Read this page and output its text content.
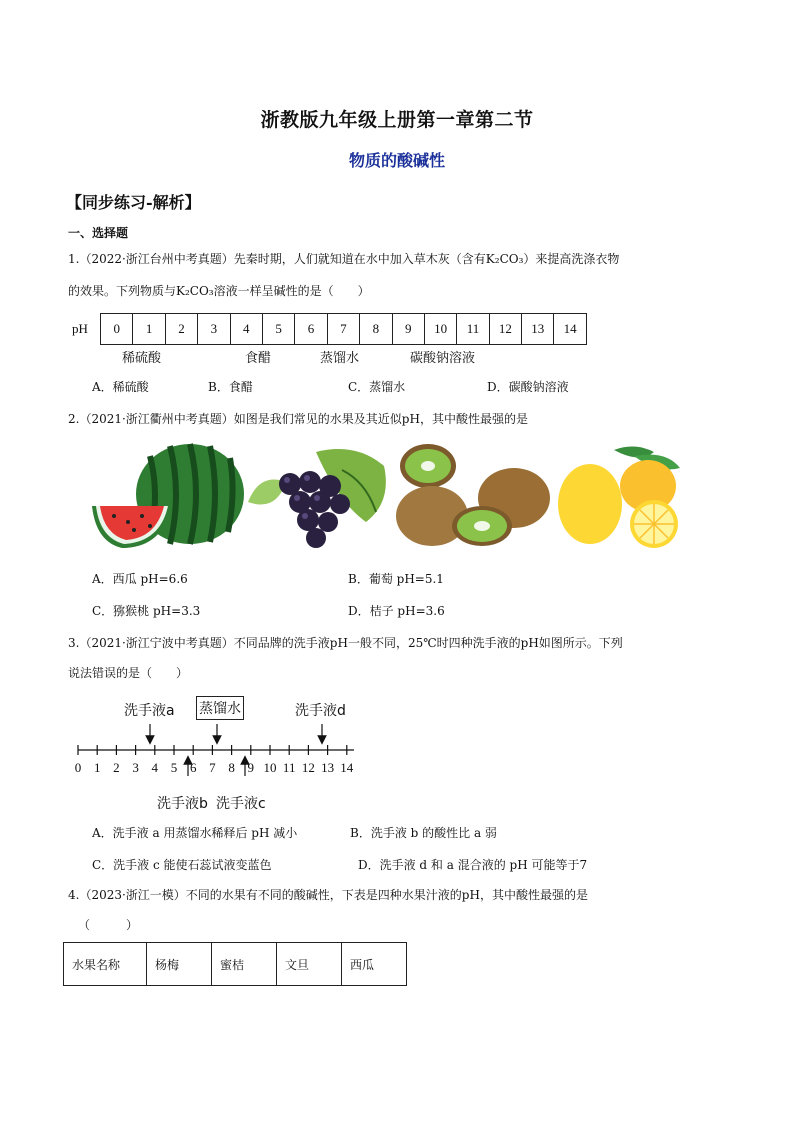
浙教版九年级上册第一章第二节
物质的酸碱性
【同步练习-解析】
一、选择题
1.（2022·浙江台州中考真题）先秦时期，人们就知道在水中加入草木灰（含有K₂CO₃）来提高洗涤衣物
的效果。下列物质与K₂CO₃溶液一样呈碱性的是（　　）
pH	0	1	2	3	4	5	6	7	8	9	10	11	12	13	14
稀硫酸	食醋	蒸馏水	碳酸钠溶液
A．稀硫酸	B．食醋	C．蒸馏水	D．碳酸钠溶液
2.（2021·浙江衢州中考真题）如图是我们常见的水果及其近似pH，其中酸性最强的是
A．西瓜 pH=6.6	B．葡萄 pH=5.1
C．猕猴桃 pH=3.3	D．桔子 pH=3.6
3.（2021·浙江宁波中考真题）不同品牌的洗手液pH一般不同，25℃时四种洗手液的pH如图所示。下列
说法错误的是（　　）
洗手液a 蒸馏水	洗手液d
洗手液b 洗手液c
0 1 2 3 4 5 6 7 8 9 10 11 12 13 14
A．洗手液 a 用蒸馏水稀释后 pH 减小	B．洗手液 b 的酸性比 a 弱
C．洗手液 c 能使石蕊试液变蓝色	D．洗手液 d 和 a 混合液的 pH 可能等于7
4.（2023·浙江一模）不同的水果有不同的酸碱性，下表是四种水果汁液的pH，其中酸性最强的是
（　　　）
水果名称	杨梅	蜜桔	文旦	西瓜
